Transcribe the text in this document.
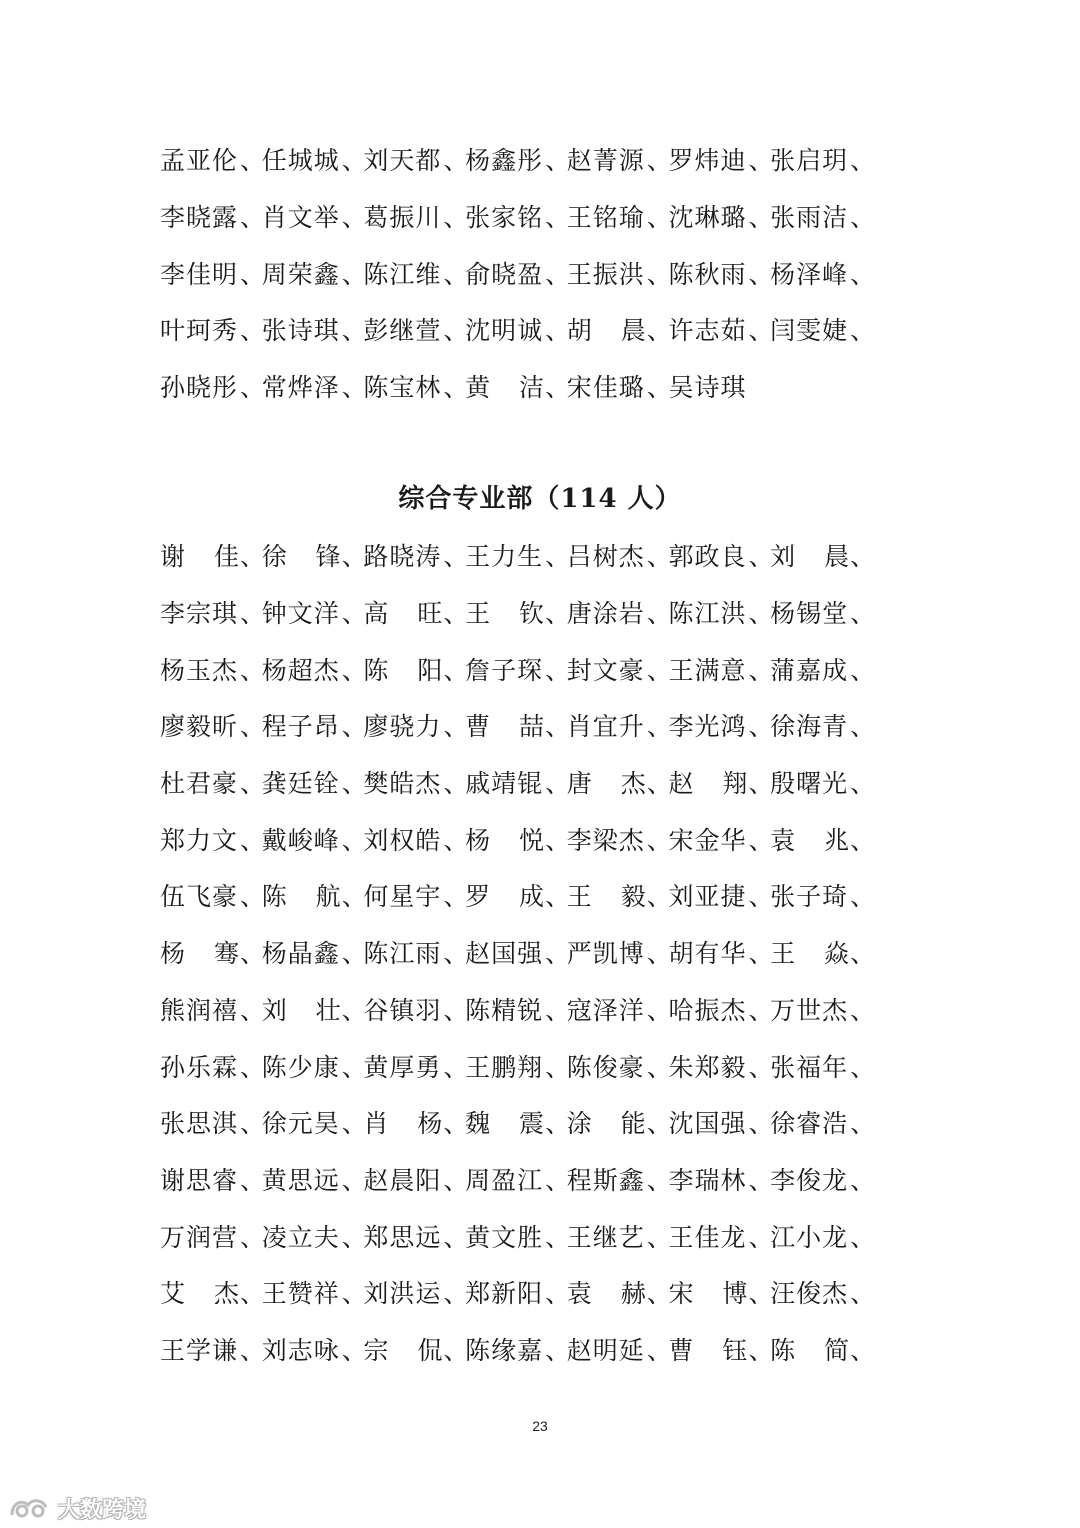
孟亚伦 、
任城城 、
刘天都 、
杨鑫彤 、
赵菁源 、
罗炜迪 、
张启玥 、
李晓露 、
肖文举 、
葛振川 、
张家铭 、
王铭瑜 、
沈琳璐 、
张雨洁 、
李佳明 、
周荣鑫 、
陈江维 、
俞晓盈 、
王振洪 、
陈秋雨 、
杨泽峰 、
叶珂秀 、
张诗琪 、
彭继萱 、
沈明诚 、
胡 晨 、
许志茹 、
闫雯婕 、
孙晓彤 、
常烨泽 、
陈宝林 、
黄 洁 、
宋佳璐 、
吴诗琪
综合专业部（114 人）
谢 佳 、
徐 锋 、
路晓涛 、
王力生 、
吕树杰 、
郭政良 、
刘 晨 、
李宗琪 、
钟文洋 、
高 旺 、
王 钦 、
唐涂岩 、
陈江洪 、
杨锡堂 、
杨玉杰 、
杨超杰 、
陈 阳 、
詹子琛 、
封文豪 、
王满意 、
蒲嘉成 、
廖毅昕 、
程子昂 、
廖骁力 、
曹 喆 、
肖宜升 、
李光鸿 、
徐海青 、
杜君豪 、
龚廷铨 、
樊皓杰 、
戚靖锟 、
唐 杰 、
赵 翔 、
殷曙光 、
郑力文 、
戴峻峰 、
刘权皓 、
杨 悦 、
李梁杰 、
宋金华 、
袁 兆 、
伍飞豪 、
陈 航 、
何星宇 、
罗 成 、
王 毅 、
刘亚捷 、
张子琦 、
杨 骞 、
杨晶鑫 、
陈江雨 、
赵国强 、
严凯博 、
胡有华 、
王 焱 、
熊润禧 、
刘 壮 、
谷镇羽 、
陈精锐 、
寇泽洋 、
哈振杰 、
万世杰 、
孙乐霖 、
陈少康 、
黄厚勇 、
王鹏翔 、
陈俊豪 、
朱郑毅 、
张福年 、
张思淇 、
徐元昊 、
肖 杨 、
魏 震 、
涂 能 、
沈国强 、
徐睿浩 、
谢思睿 、
黄思远 、
赵晨阳 、
周盈江 、
程斯鑫 、
李瑞林 、
李俊龙 、
万润营 、
凌立夫 、
郑思远 、
黄文胜 、
王继艺 、
王佳龙 、
江小龙 、
艾 杰 、
王赞祥 、
刘洪运 、
郑新阳 、
袁 赫 、
宋 博 、
汪俊杰 、
王学谦 、
刘志咏 、
宗 侃 、
陈缘嘉 、
赵明延 、
曹 钰 、
陈 简 、
23
大数跨境
